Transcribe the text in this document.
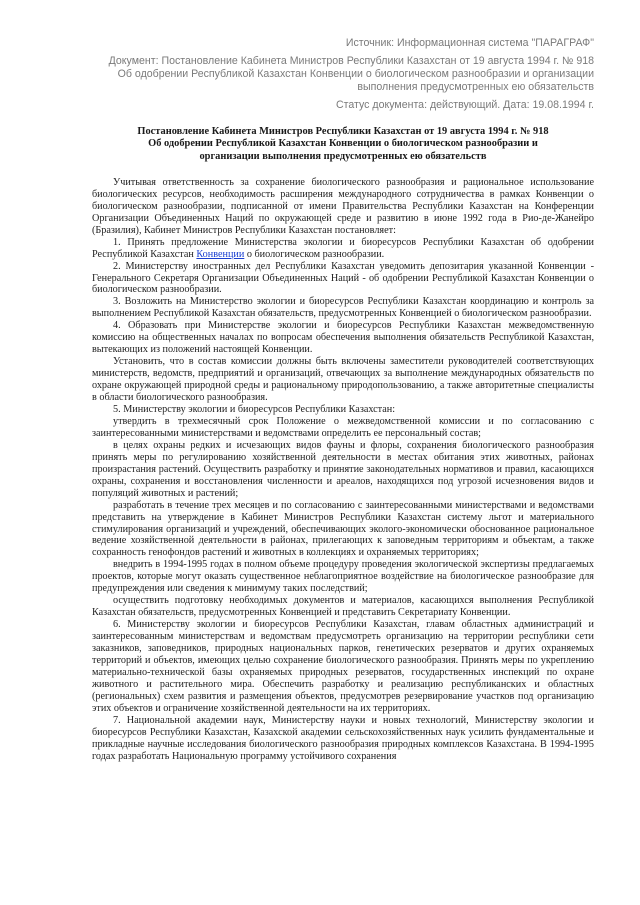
Источник: Информационная система "ПАРАГРАФ"
Документ: Постановление Кабинета Министров Республики Казахстан от 19 августа 1994 г. № 918
Об одобрении Республикой Казахстан Конвенции о биологическом разнообразии и организации
выполнения предусмотренных ею обязательств
Статус документа: действующий. Дата: 19.08.1994 г.
Постановление Кабинета Министров Республики Казахстан от 19 августа 1994 г. № 918 Об одобрении Республикой Казахстан Конвенции о биологическом разнообразии и организации выполнения предусмотренных ею обязательств

Учитывая ответственность за сохранение биологического разнообразия и рациональное использование биологических ресурсов, необходимость расширения международного сотрудничества в рамках Конвенции о биологическом разнообразии, подписанной от имени Правительства Республики Казахстан на Конференции Организации Объединенных Наций по окружающей среде и развитию в июне 1992 года в Рио-де-Жанейро (Бразилия), Кабинет Министров Республики Казахстан постановляет:

1. Принять предложение Министерства экологии и биоресурсов Республики Казахстан об одобрении Республикой Казахстан Конвенции о биологическом разнообразии.

2. Министерству иностранных дел Республики Казахстан уведомить депозитария указанной Конвенции - Генерального Секретаря Организации Объединенных Наций - об одобрении Республикой Казахстан Конвенции о биологическом разнообразии.

3. Возложить на Министерство экологии и биоресурсов Республики Казахстан координацию и контроль за выполнением Республикой Казахстан обязательств, предусмотренных Конвенцией о биологическом разнообразии.

4. Образовать при Министерстве экологии и биоресурсов Республики Казахстан межведомственную комиссию на общественных началах по вопросам обеспечения выполнения обязательств Республикой Казахстан, вытекающих из положений настоящей Конвенции.

Установить, что в состав комиссии должны быть включены заместители руководителей соответствующих министерств, ведомств, предприятий и организаций, отвечающих за выполнение международных обязательств по охране окружающей природной среды и рациональному природопользованию, а также авторитетные специалисты в области биологического разнообразия.

5. Министерству экологии и биоресурсов Республики Казахстан:

утвердить в трехмесячный срок Положение о межведомственной комиссии и по согласованию с заинтересованными министерствами и ведомствами определить ее персональный состав;

в целях охраны редких и исчезающих видов фауны и флоры, сохранения биологического разнообразия принять меры по регулированию хозяйственной деятельности в местах обитания этих животных, районах произрастания растений. Осуществить разработку и принятие законодательных нормативов и правил, касающихся охраны, сохранения и восстановления численности и ареалов, находящихся под угрозой исчезновения видов и популяций животных и растений;

разработать в течение трех месяцев и по согласованию с заинтересованными министерствами и ведомствами представить на утверждение в Кабинет Министров Республики Казахстан систему льгот и материального стимулирования организаций и учреждений, обеспечивающих эколого-экономически обоснованное рациональное ведение хозяйственной деятельности в районах, прилегающих к заповедным территориям и объектам, а также сохранность генофондов растений и животных в коллекциях и охраняемых территориях;

внедрить в 1994-1995 годах в полном объеме процедуру проведения экологической экспертизы предлагаемых проектов, которые могут оказать существенное неблагоприятное воздействие на биологическое разнообразие для предупреждения или сведения к минимуму таких последствий;

осуществить подготовку необходимых документов и материалов, касающихся выполнения Республикой Казахстан обязательств, предусмотренных Конвенцией и представить Секретариату Конвенции.

6. Министерству экологии и биоресурсов Республики Казахстан, главам областных администраций и заинтересованным министерствам и ведомствам предусмотреть организацию на территории республики сети заказников, заповедников, природных национальных парков, генетических резерватов и других охраняемых территорий и объектов, имеющих целью сохранение биологического разнообразия. Принять меры по укреплению материально-технической базы охраняемых природных резерватов, государственных инспекций по охране животного и растительного мира. Обеспечить разработку и реализацию республиканских и областных (региональных) схем развития и размещения объектов, предусмотрев резервирование участков под организацию этих объектов и ограничение хозяйственной деятельности на их территориях.

7. Национальной академии наук, Министерству науки и новых технологий, Министерству экологии и биоресурсов Республики Казахстан, Казахской академии сельскохозяйственных наук усилить фундаментальные и прикладные научные исследования биологического разнообразия природных комплексов Казахстана. В 1994-1995 годах разработать Национальную программу устойчивого сохранения
